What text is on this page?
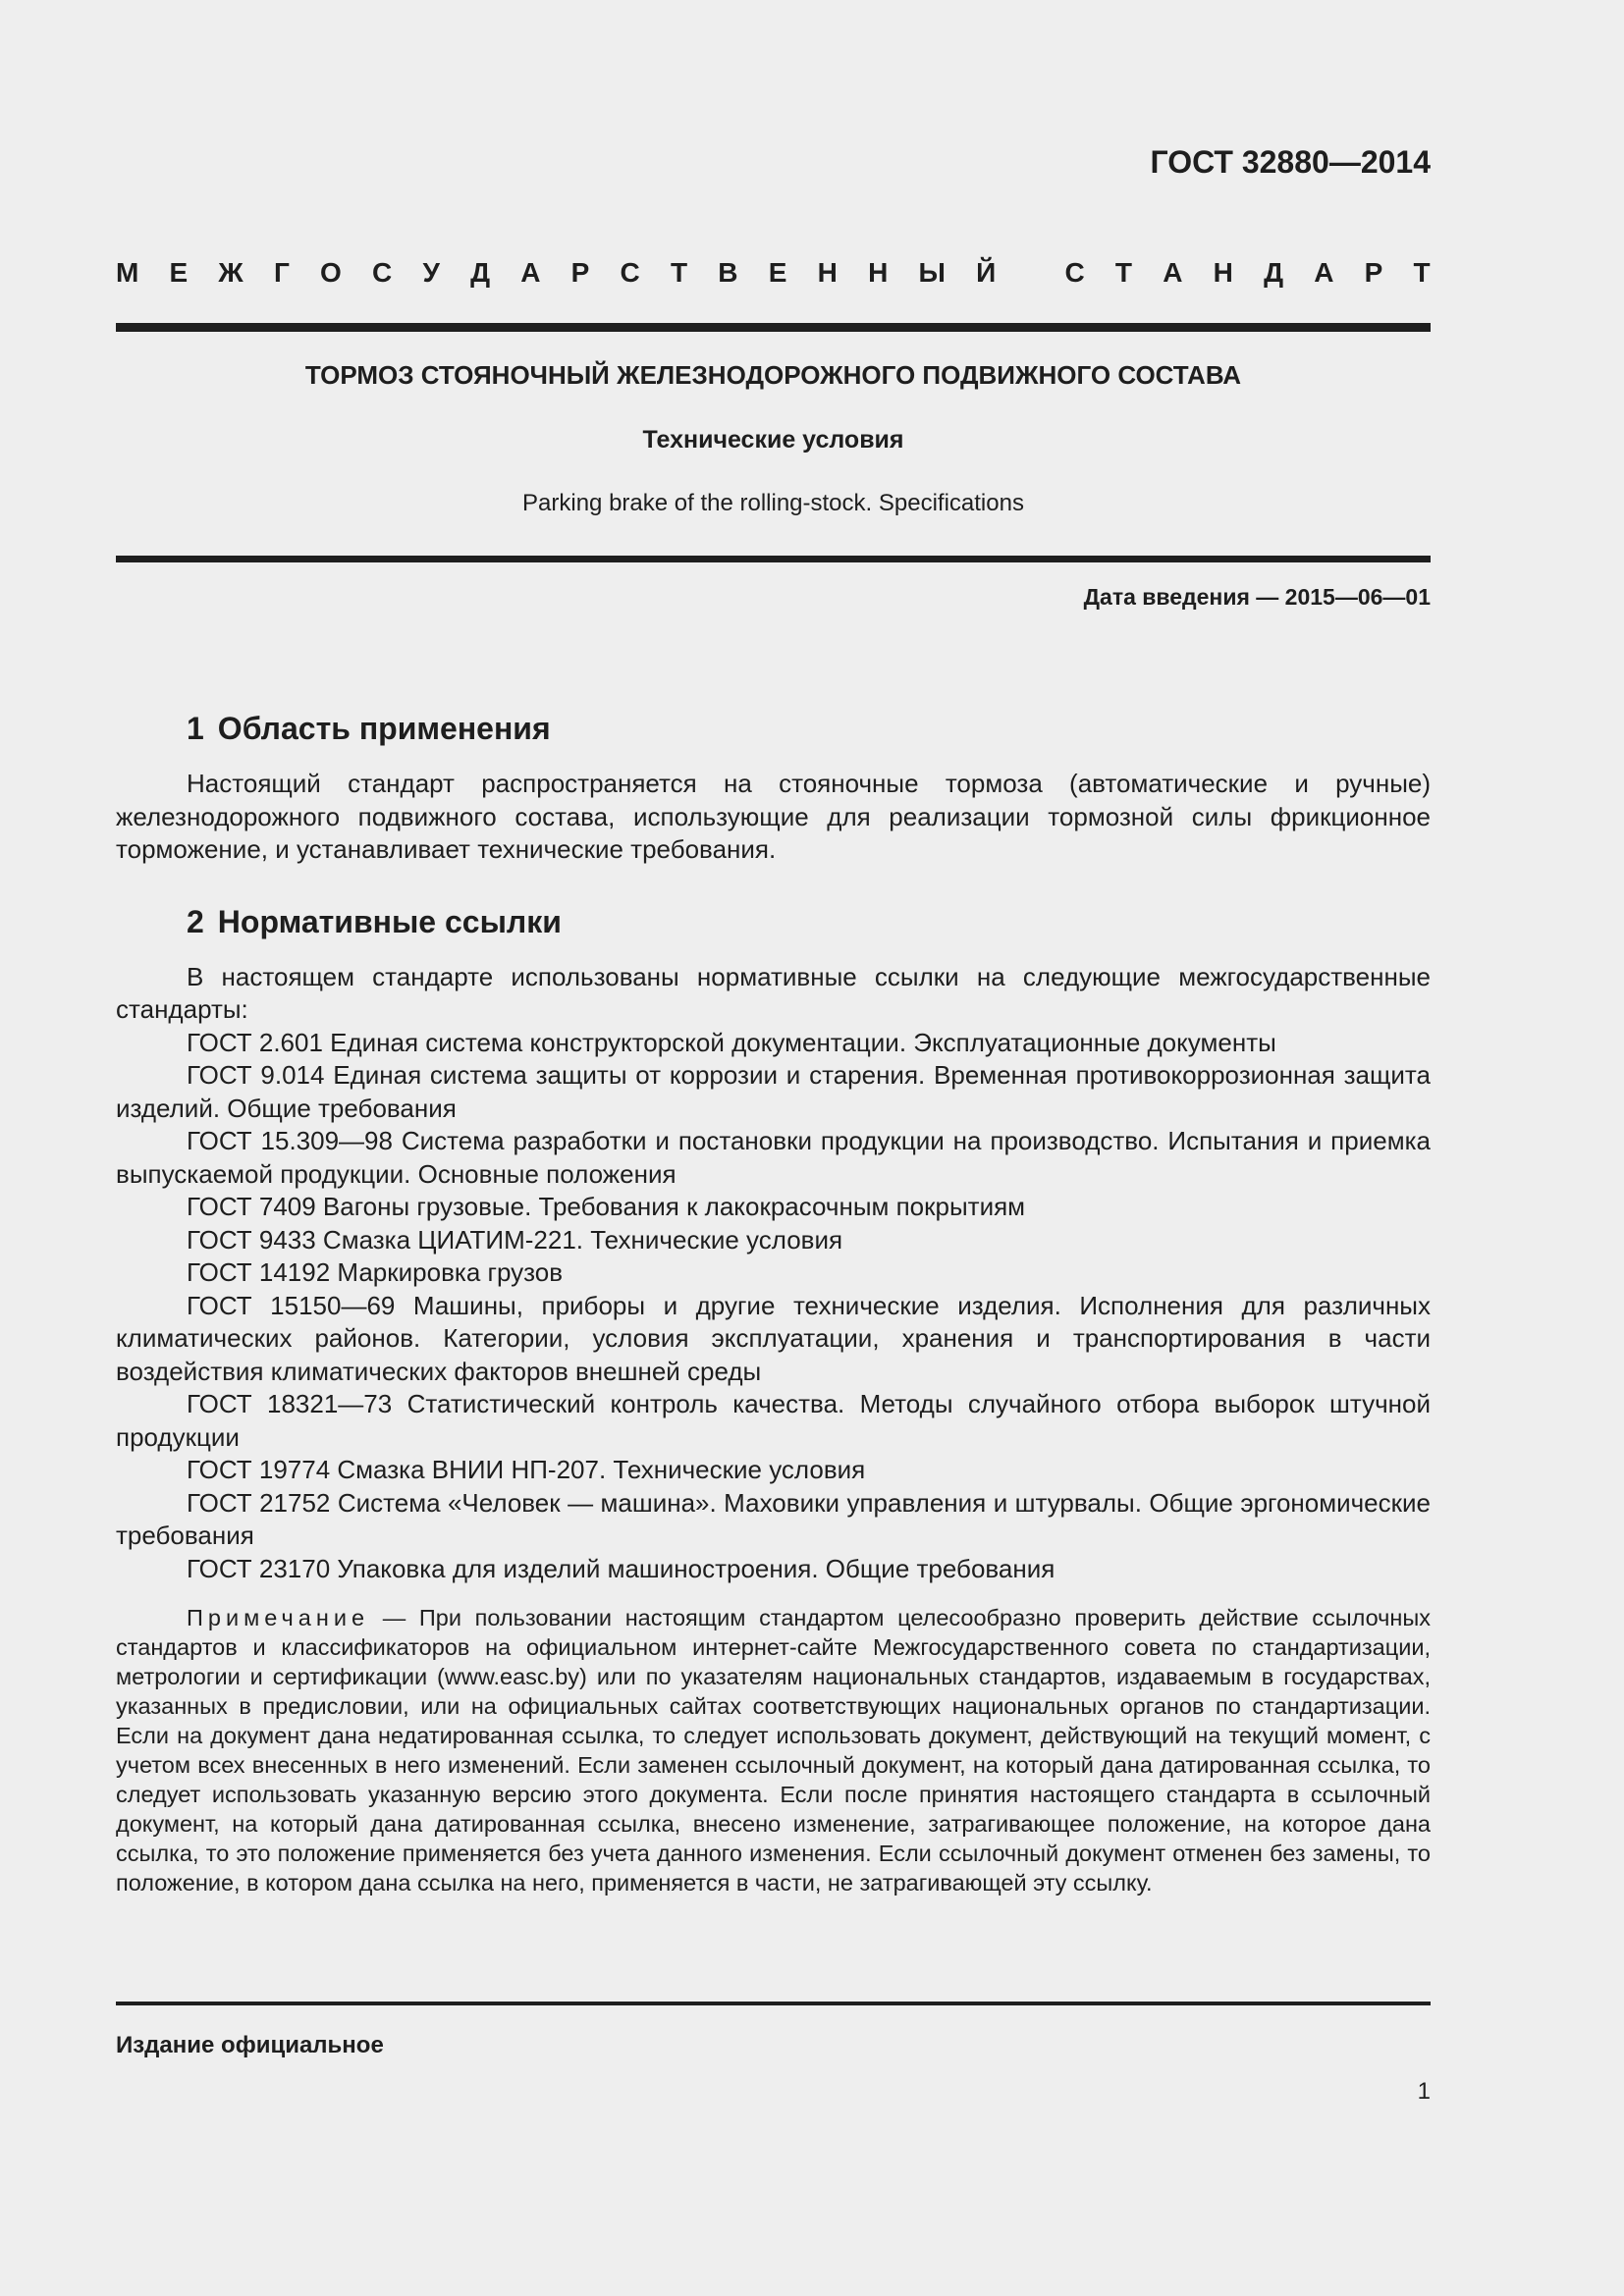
ГОСТ 32880—2014
М Е Ж Г О С У Д А Р С Т В Е Н Н Ы Й
	С Т А Н Д А Р Т
ТОРМОЗ СТОЯНОЧНЫЙ ЖЕЛЕЗНОДОРОЖНОГО ПОДВИЖНОГО СОСТАВА
Технические условия
Parking brake of the rolling-stock. Specifications
Дата введения — 2015—06—01
1 Область применения

Настоящий стандарт распространяется на стояночные тормоза (автоматические и ручные) железнодорожного подвижного состава, использующие для реализации тормозной силы фрикционное торможение, и устанавливает технические требования.

2 Нормативные ссылки

В настоящем стандарте использованы нормативные ссылки на следующие межгосударственные стандарты:

ГОСТ 2.601 Единая система конструкторской документации. Эксплуатационные документы

ГОСТ 9.014 Единая система защиты от коррозии и старения. Временная противокоррозионная защита изделий. Общие требования

ГОСТ 15.309—98 Система разработки и постановки продукции на производство. Испытания и приемка выпускаемой продукции. Основные положения

ГОСТ 7409 Вагоны грузовые. Требования к лакокрасочным покрытиям

ГОСТ 9433 Смазка ЦИАТИМ-221. Технические условия

ГОСТ 14192 Маркировка грузов

ГОСТ 15150—69 Машины, приборы и другие технические изделия. Исполнения для различных климатических районов. Категории, условия эксплуатации, хранения и транспортирования в части воздействия климатических факторов внешней среды

ГОСТ 18321—73 Статистический контроль качества. Методы случайного отбора выборок штучной продукции

ГОСТ 19774 Смазка ВНИИ НП-207. Технические условия

ГОСТ 21752 Система «Человек — машина». Маховики управления и штурвалы. Общие эргономические требования

ГОСТ 23170 Упаковка для изделий машиностроения. Общие требования

Примечание — При пользовании настоящим стандартом целесообразно проверить действие ссылочных стандартов и классификаторов на официальном интернет-сайте Межгосударственного совета по стандартизации, метрологии и сертификации (www.easc.by) или по указателям национальных стандартов, издаваемым в государствах, указанных в предисловии, или на официальных сайтах соответствующих национальных органов по стандартизации. Если на документ дана недатированная ссылка, то следует использовать документ, действующий на текущий момент, с учетом всех внесенных в него изменений. Если заменен ссылочный документ, на который дана датированная ссылка, то следует использовать указанную версию этого документа. Если после принятия настоящего стандарта в ссылочный документ, на который дана датированная ссылка, внесено изменение, затрагивающее положение, на которое дана ссылка, то это положение применяется без учета данного изменения. Если ссылочный документ отменен без замены, то положение, в котором дана ссылка на него, применяется в части, не затрагивающей эту ссылку.

Издание официальное
1
